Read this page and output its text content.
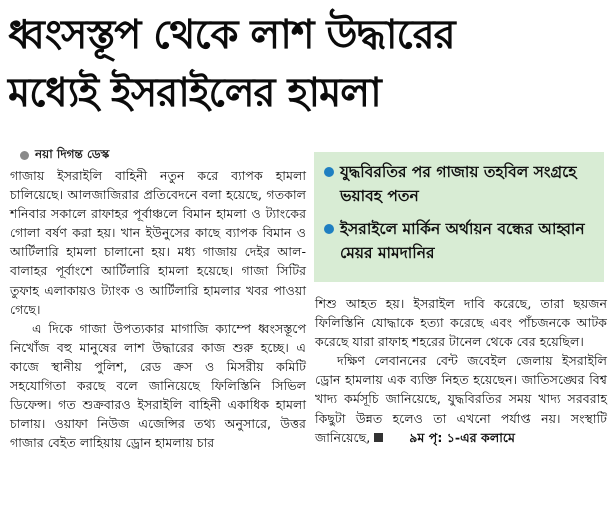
ধ্বংসস্তূপ থেকে লাশ উদ্ধারের
মধ্যেই ইসরাইলের হামলা
নয়া দিগন্ত ডেস্ক

গাজায় ইসরাইলি বাহিনী নতুন করে ব্যাপক হামলা চালিয়েছে। আলজাজিরার প্রতিবেদনে বলা হয়েছে, গতকাল শনিবার সকালে রাফাহর পূর্বাঞ্চলে বিমান হামলা ও ট্যাংকের গোলা বর্ষণ করা হয়। খান ইউনুসের কাছে ব্যাপক বিমান ও আর্টিলারি হামলা চালানো হয়। মধ্য গাজায় দেইর আল-বালাহর পূর্বাংশে আর্টিলারি হামলা হয়েছে। গাজা সিটির তুফাহ এলাকায়ও ট্যাংক ও আর্টিলারি হামলার খবর পাওয়া গেছে।

এ দিকে গাজা উপত্যকার মাগাজি ক্যাম্পে ধ্বংসস্তূপে নিখোঁজ বহু মানুষের লাশ উদ্ধারের কাজ শুরু হচ্ছে। এ কাজে স্থানীয় পুলিশ, রেড ক্রস ও মিসরীয় কমিটি সহযোগিতা করছে বলে জানিয়েছে ফিলিস্তিনি সিভিল ডিফেন্স। গত শুক্রবারও ইসরাইলি বাহিনী একাধিক হামলা চালায়। ওয়াফা নিউজ এজেন্সির তথ্য অনুসারে, উত্তর গাজার বেইত লাহিয়ায় ড্রোন হামলায় চার

যুদ্ধবিরতির পর গাজায় তহবিল সংগ্রহে ভয়াবহ পতন
ইসরাইলে মার্কিন অর্থায়ন বন্ধের আহ্বান মেয়র মামদানির

শিশু আহত হয়। ইসরাইল দাবি করেছে, তারা ছয়জন ফিলিস্তিনি যোদ্ধাকে হত্যা করেছে এবং পাঁচজনকে আটক করেছে যারা রাফাহ শহরের টানেল থেকে বের হয়েছিল।

দক্ষিণ লেবাননের বেন্ট জবেইল জেলায় ইসরাইলি ড্রোন হামলায় এক ব্যক্তি নিহত হয়েছেন। জাতিসঙ্ঘের বিশ্ব খাদ্য কর্মসূচি জানিয়েছে, যুদ্ধবিরতির সময় খাদ্য সরবরাহ কিছুটা উন্নত হলেও তা এখনো পর্যাপ্ত নয়। সংস্থাটি জানিয়েছে,	৯ম পৃ: ১-এর কলামে
